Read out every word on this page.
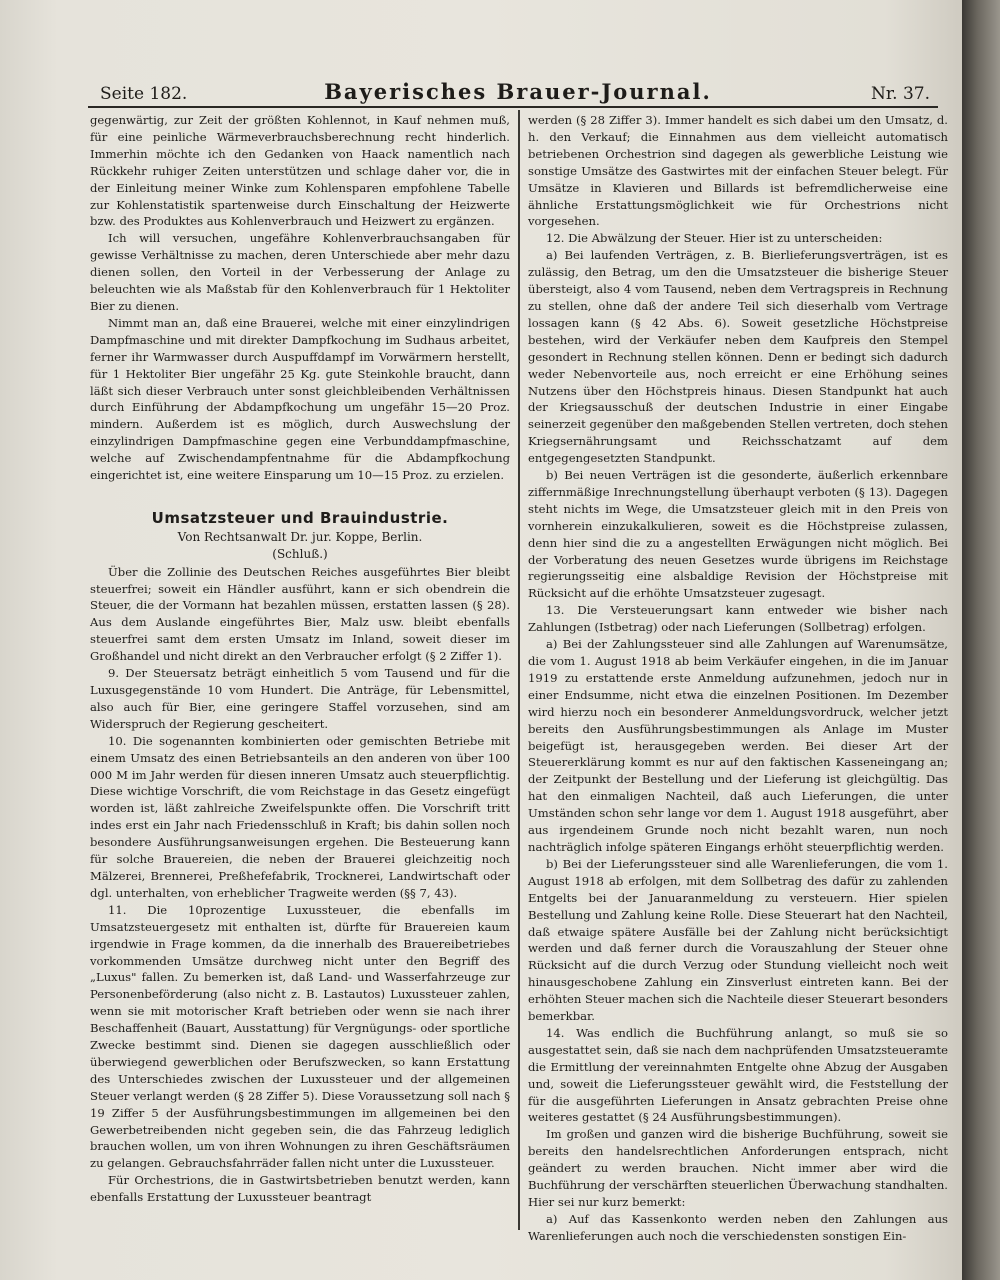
Seite 182.	Bayerisches Brauer-Journal.	Nr. 37.

gegenwärtig, zur Zeit der größten Kohlennot, in Kauf nehmen muß, für eine peinliche Wärmeverbrauchsberechnung recht hinderlich. Immerhin möchte ich den Gedanken von Haack namentlich nach Rückkehr ruhiger Zeiten unterstützen und schlage daher vor, die in der Einleitung meiner Winke zum Kohlensparen empfohlene Tabelle zur Kohlenstatistik spartenweise durch Einschaltung der Heizwerte bzw. des Produktes aus Kohlenverbrauch und Heizwert zu ergänzen.

Ich will versuchen, ungefähre Kohlenverbrauchsangaben für gewisse Verhältnisse zu machen, deren Unterschiede aber mehr dazu dienen sollen, den Vorteil in der Verbesserung der Anlage zu beleuchten wie als Maßstab für den Kohlenverbrauch für 1 Hektoliter Bier zu dienen.

Nimmt man an, daß eine Brauerei, welche mit einer einzylindrigen Dampfmaschine und mit direkter Dampfkochung im Sudhaus arbeitet, ferner ihr Warmwasser durch Auspuffdampf im Vorwärmern herstellt, für 1 Hektoliter Bier ungefähr 25 Kg. gute Steinkohle braucht, dann läßt sich dieser Verbrauch unter sonst gleichbleibenden Verhältnissen durch Einführung der Abdampfkochung um ungefähr 15—20 Proz. mindern. Außerdem ist es möglich, durch Auswechslung der einzylindrigen Dampfmaschine gegen eine Verbunddampfmaschine, welche auf Zwischendampfentnahme für die Abdampfkochung eingerichtet ist, eine weitere Einsparung um 10—15 Proz. zu erzielen.

Umsatzsteuer und Brauindustrie.
Von Rechtsanwalt Dr. jur. Koppe, Berlin.
(Schluß.)

Über die Zollinie des Deutschen Reiches ausgeführtes Bier bleibt steuerfrei; soweit ein Händler ausführt, kann er sich obendrein die Steuer, die der Vormann hat bezahlen müssen, erstatten lassen (§ 28). Aus dem Auslande eingeführtes Bier, Malz usw. bleibt ebenfalls steuerfrei samt dem ersten Umsatz im Inland, soweit dieser im Großhandel und nicht direkt an den Verbraucher erfolgt (§ 2 Ziffer 1).

9. Der Steuersatz beträgt einheitlich 5 vom Tausend und für die Luxusgegenstände 10 vom Hundert. Die Anträge, für Lebensmittel, also auch für Bier, eine geringere Staffel vorzusehen, sind am Widerspruch der Regierung gescheitert.

10. Die sogenannten kombinierten oder gemischten Betriebe mit einem Umsatz des einen Betriebsanteils an den anderen von über 100 000 M im Jahr werden für diesen inneren Umsatz auch steuerpflichtig. Diese wichtige Vorschrift, die vom Reichstage in das Gesetz eingefügt worden ist, läßt zahlreiche Zweifelspunkte offen. Die Vorschrift tritt indes erst ein Jahr nach Friedensschluß in Kraft; bis dahin sollen noch besondere Ausführungsanweisungen ergehen. Die Besteuerung kann für solche Brauereien, die neben der Brauerei gleichzeitig noch Mälzerei, Brennerei, Preßhefefabrik, Trocknerei, Landwirtschaft oder dgl. unterhalten, von erheblicher Tragweite werden (§§ 7, 43).

11. Die 10prozentige Luxussteuer, die ebenfalls im Umsatzsteuergesetz mit enthalten ist, dürfte für Brauereien kaum irgendwie in Frage kommen, da die innerhalb des Brauereibetriebes vorkommenden Umsätze durchweg nicht unter den Begriff des „Luxus" fallen. Zu bemerken ist, daß Land- und Wasserfahrzeuge zur Personenbeförderung (also nicht z. B. Lastautos) Luxussteuer zahlen, wenn sie mit motorischer Kraft betrieben oder wenn sie nach ihrer Beschaffenheit (Bauart, Ausstattung) für Vergnügungs- oder sportliche Zwecke bestimmt sind. Dienen sie dagegen ausschließlich oder überwiegend gewerblichen oder Berufszwecken, so kann Erstattung des Unterschiedes zwischen der Luxussteuer und der allgemeinen Steuer verlangt werden (§ 28 Ziffer 5). Diese Voraussetzung soll nach § 19 Ziffer 5 der Ausführungsbestimmungen im allgemeinen bei den Gewerbetreibenden nicht gegeben sein, die das Fahrzeug lediglich brauchen wollen, um von ihren Wohnungen zu ihren Geschäftsräumen zu gelangen. Gebrauchsfahrräder fallen nicht unter die Luxussteuer.

Für Orchestrions, die in Gastwirtsbetrieben benutzt werden, kann ebenfalls Erstattung der Luxussteuer beantragt

werden (§ 28 Ziffer 3). Immer handelt es sich dabei um den Umsatz, d. h. den Verkauf; die Einnahmen aus dem vielleicht automatisch betriebenen Orchestrion sind dagegen als gewerbliche Leistung wie sonstige Umsätze des Gastwirtes mit der einfachen Steuer belegt. Für Umsätze in Klavieren und Billards ist befremdlicherweise eine ähnliche Erstattungsmöglichkeit wie für Orchestrions nicht vorgesehen.

12. Die Abwälzung der Steuer. Hier ist zu unterscheiden:

a) Bei laufenden Verträgen, z. B. Bierlieferungsverträgen, ist es zulässig, den Betrag, um den die Umsatzsteuer die bisherige Steuer übersteigt, also 4 vom Tausend, neben dem Vertragspreis in Rechnung zu stellen, ohne daß der andere Teil sich dieserhalb vom Vertrage lossagen kann (§ 42 Abs. 6). Soweit gesetzliche Höchstpreise bestehen, wird der Verkäufer neben dem Kaufpreis den Stempel gesondert in Rechnung stellen können. Denn er bedingt sich dadurch weder Nebenvorteile aus, noch erreicht er eine Erhöhung seines Nutzens über den Höchstpreis hinaus. Diesen Standpunkt hat auch der Kriegsausschuß der deutschen Industrie in einer Eingabe seinerzeit gegenüber den maßgebenden Stellen vertreten, doch stehen Kriegsernährungsamt und Reichsschatzamt auf dem entgegengesetzten Standpunkt.

b) Bei neuen Verträgen ist die gesonderte, äußerlich erkennbare ziffernmäßige Inrechnungstellung überhaupt verboten (§ 13). Dagegen steht nichts im Wege, die Umsatzsteuer gleich mit in den Preis von vornherein einzukalkulieren, soweit es die Höchstpreise zulassen, denn hier sind die zu a angestellten Erwägungen nicht möglich. Bei der Vorberatung des neuen Gesetzes wurde übrigens im Reichstage regierungsseitig eine alsbaldige Revision der Höchstpreise mit Rücksicht auf die erhöhte Umsatzsteuer zugesagt.

13. Die Versteuerungsart kann entweder wie bisher nach Zahlungen (Istbetrag) oder nach Lieferungen (Sollbetrag) erfolgen.

a) Bei der Zahlungssteuer sind alle Zahlungen auf Warenumsätze, die vom 1. August 1918 ab beim Verkäufer eingehen, in die im Januar 1919 zu erstattende erste Anmeldung aufzunehmen, jedoch nur in einer Endsumme, nicht etwa die einzelnen Positionen. Im Dezember wird hierzu noch ein besonderer Anmeldungsvordruck, welcher jetzt bereits den Ausführungsbestimmungen als Anlage im Muster beigefügt ist, herausgegeben werden. Bei dieser Art der Steuererklärung kommt es nur auf den faktischen Kasseneingang an; der Zeitpunkt der Bestellung und der Lieferung ist gleichgültig. Das hat den einmaligen Nachteil, daß auch Lieferungen, die unter Umständen schon sehr lange vor dem 1. August 1918 ausgeführt, aber aus irgendeinem Grunde noch nicht bezahlt waren, nun noch nachträglich infolge späteren Eingangs erhöht steuerpflichtig werden.

b) Bei der Lieferungssteuer sind alle Warenlieferungen, die vom 1. August 1918 ab erfolgen, mit dem Sollbetrag des dafür zu zahlenden Entgelts bei der Januaranmeldung zu versteuern. Hier spielen Bestellung und Zahlung keine Rolle. Diese Steuerart hat den Nachteil, daß etwaige spätere Ausfälle bei der Zahlung nicht berücksichtigt werden und daß ferner durch die Vorauszahlung der Steuer ohne Rücksicht auf die durch Verzug oder Stundung vielleicht noch weit hinausgeschobene Zahlung ein Zinsverlust eintreten kann. Bei der erhöhten Steuer machen sich die Nachteile dieser Steuerart besonders bemerkbar.

14. Was endlich die Buchführung anlangt, so muß sie so ausgestattet sein, daß sie nach dem nachprüfenden Umsatzsteueramte die Ermittlung der vereinnahmten Entgelte ohne Abzug der Ausgaben und, soweit die Lieferungssteuer gewählt wird, die Feststellung der für die ausgeführten Lieferungen in Ansatz gebrachten Preise ohne weiteres gestattet (§ 24 Ausführungsbestimmungen).

Im großen und ganzen wird die bisherige Buchführung, soweit sie bereits den handelsrechtlichen Anforderungen entsprach, nicht geändert zu werden brauchen. Nicht immer aber wird die Buchführung der verschärften steuerlichen Überwachung standhalten. Hier sei nur kurz bemerkt:

a) Auf das Kassenkonto werden neben den Zahlungen aus Warenlieferungen auch noch die verschiedensten sonstigen Ein-
